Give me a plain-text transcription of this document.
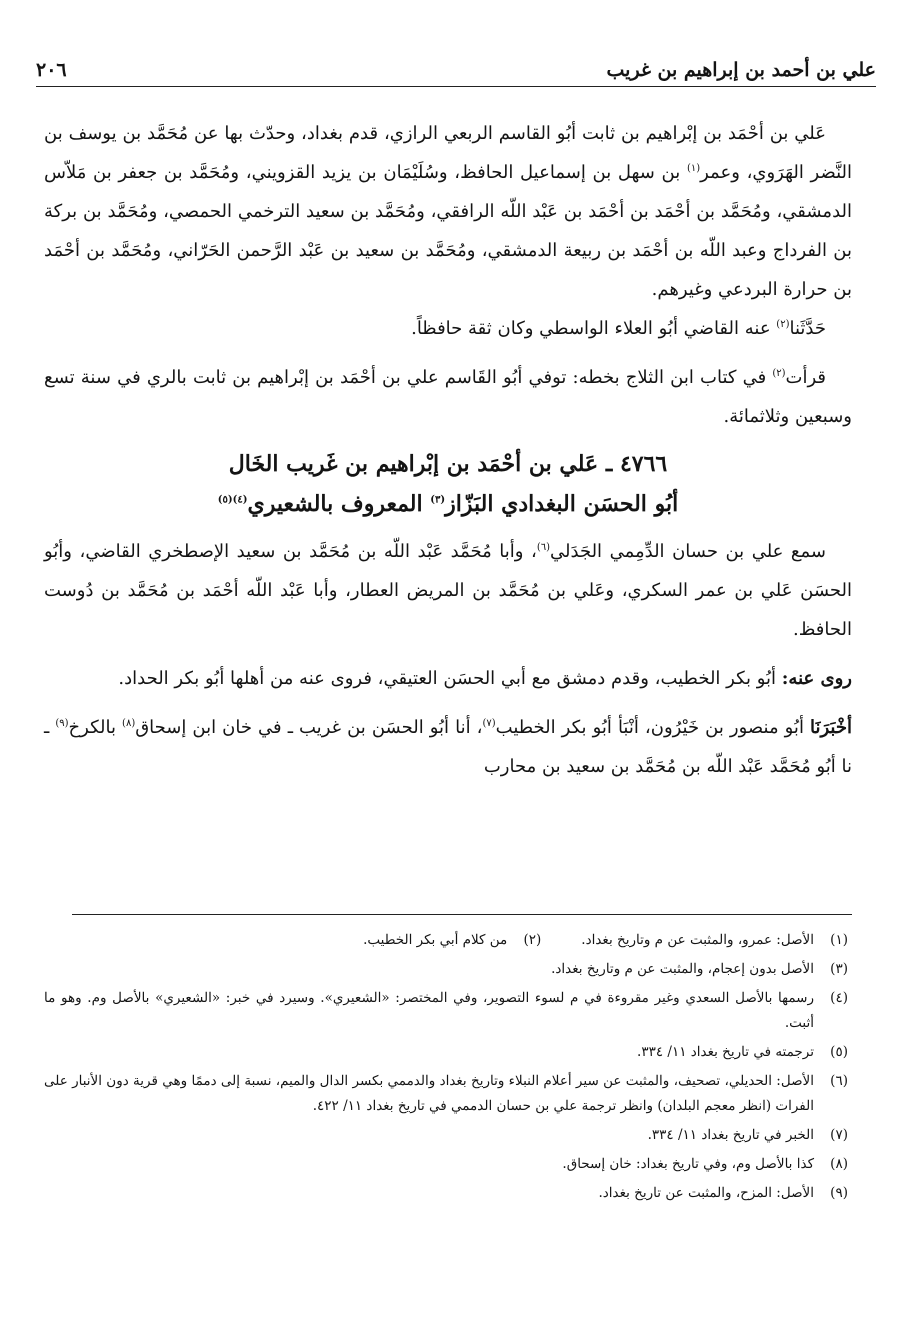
علي بن أحمد بن إبراهيم بن غريب
٢٠٦

عَلي بن أحْمَد بن إبْراهيم بن ثابت أبُو القاسم الربعي الرازي، قدم بغداد، وحدّث بها عن مُحَمَّد بن يوسف بن النَّضر الهَرَوي، وعمر$^{(١)}$ بن سهل بن إسماعيل الحافظ، وسُلَيْمَان بن يزيد القزويني، ومُحَمَّد بن جعفر بن مَلاّس الدمشقي، ومُحَمَّد بن أحْمَد بن أحْمَد بن عَبْد اللّه الرافقي، ومُحَمَّد بن سعيد الترخمي الحمصي، ومُحَمَّد بن بركة بن الفرداج وعبد اللّه بن أحْمَد بن ربيعة الدمشقي، ومُحَمَّد بن سعيد بن عَبْد الرَّحمن الحَرّاني، ومُحَمَّد بن أحْمَد بن حرارة البردعي وغيرهم.

حَدَّثَنا$^{(٢)}$ عنه القاضي أبُو العلاء الواسطي وكان ثقة حافظاً.

قرأت$^{(٢)}$ في كتاب ابن الثلاج بخطه: توفي أبُو القَاسم علي بن أحْمَد بن إبْراهيم بن ثابت بالري في سنة تسع وسبعين وثلاثمائة.

٤٧٦٦ ـ عَلي بن أحْمَد بن إبْراهيم بن غَريب الخَال
أبُو الحسَن البغدادي البَزّاز$^{(٣)}$ المعروف بالشعيري$^{(٤)(٥)}$

سمع علي بن حسان الدِّمِمي الجَدَلي$^{(٦)}$، وأبا مُحَمَّد عَبْد اللّه بن مُحَمَّد بن سعيد الإصطخري القاضي، وأبُو الحسَن عَلي بن عمر السكري، وعَلي بن مُحَمَّد بن المريض العطار، وأبا عَبْد اللّه أحْمَد بن مُحَمَّد بن دُوست الحافظ.

روى عنه: أبُو بكر الخطيب، وقدم دمشق مع أبي الحسَن العتيقي، فروى عنه من أهلها أبُو بكر الحداد.

أخْبَرَنَا أبُو منصور بن خَيْرُون، أنْبَأ أبُو بكر الخطيب$^{(٧)}$، أنا أبُو الحسَن بن غريب ـ في خان ابن إسحاق$^{(٨)}$ بالكرخ$^{(٩)}$ ـ نا أبُو مُحَمَّد عَبْد اللّه بن مُحَمَّد بن سعيد بن محارب

(١)
الأصل: عمرو، والمثبت عن م وتاريخ بغداد.
(٢)
من كلام أبي بكر الخطيب.
(٣)
الأصل بدون إعجام، والمثبت عن م وتاريخ بغداد.
(٤)
رسمها بالأصل السعدي وغير مقروءة في م لسوء التصوير، وفي المختصر: «الشعيري». وسيرد في خبر: «الشعيري» بالأصل وم. وهو ما أثبت.
(٥)
ترجمته في تاريخ بغداد ١١/ ٣٣٤.
(٦)
الأصل: الحديلي، تصحيف، والمثبت عن سير أعلام النبلاء وتاريخ بغداد والدممي بكسر الدال والميم، نسبة إلى دممًا وهي قرية دون الأنبار على الفرات (انظر معجم البلدان) وانظر ترجمة علي بن حسان الدممي في تاريخ بغداد ١١/ ٤٢٢.
(٧)
الخبر في تاريخ بغداد ١١/ ٣٣٤.
(٨)
كذا بالأصل وم، وفي تاريخ بغداد: خان إسحاق.
(٩)
الأصل: المزح، والمثبت عن تاريخ بغداد.
